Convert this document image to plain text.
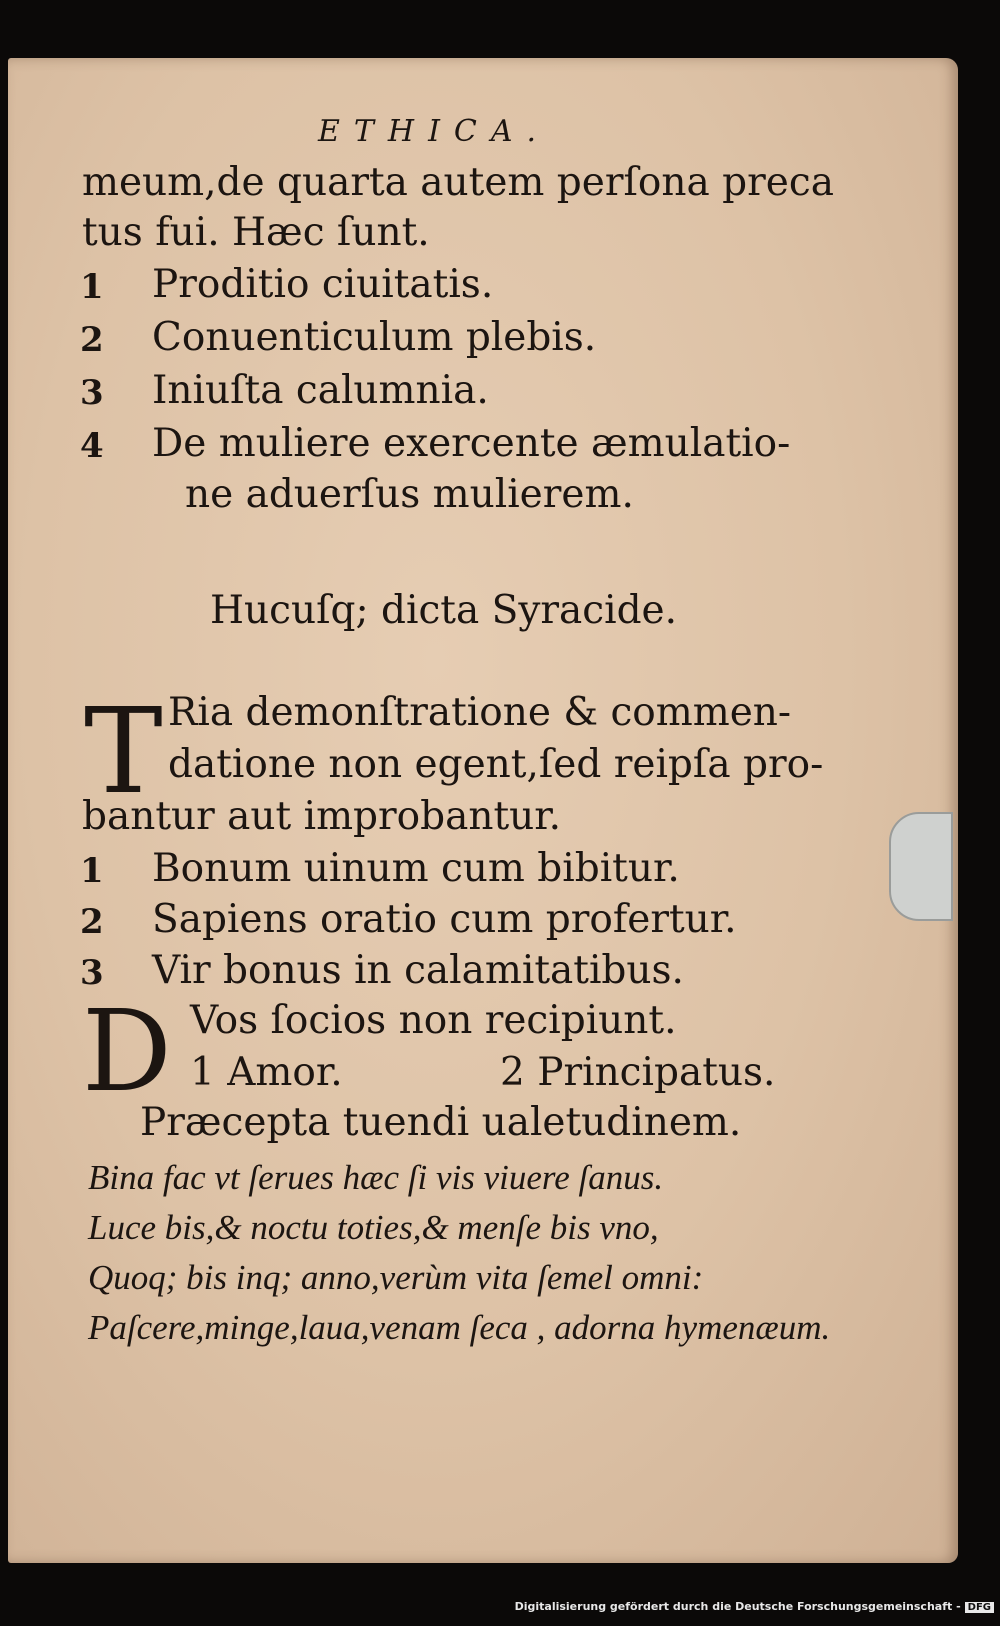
ETHICA.
meum,de quarta autem perſona preca
tus fui. Hæc ſunt.
1 Proditio ciuitatis.
2 Conuenticulum plebis.
3 Iniuſta calumnia.
4 De muliere exercente æmulatio-
ne aduerſus mulierem.
Hucuſq; dicta Syracide.
T Ria demonſtratione & commen-
datione non egent,ſed reipſa pro-
bantur aut improbantur.
1 Bonum uinum cum bibitur.
2 Sapiens oratio cum profertur.
3 Vir bonus in calamitatibus.
D Vos ſocios non recipiunt.
1 Amor.	2 Principatus.
Præcepta tuendi ualetudinem.
Bina fac vt ſerues hæc ſi vis viuere ſanus.
Luce bis,& noctu toties,& menſe bis vno,
Quoq; bis inq; anno,verùm vita ſemel omni:
Paſcere,minge,laua,venam ſeca , adorna hymenæum.
Digitalisierung gefördert durch die Deutsche Forschungsgemeinschaft - DFG
